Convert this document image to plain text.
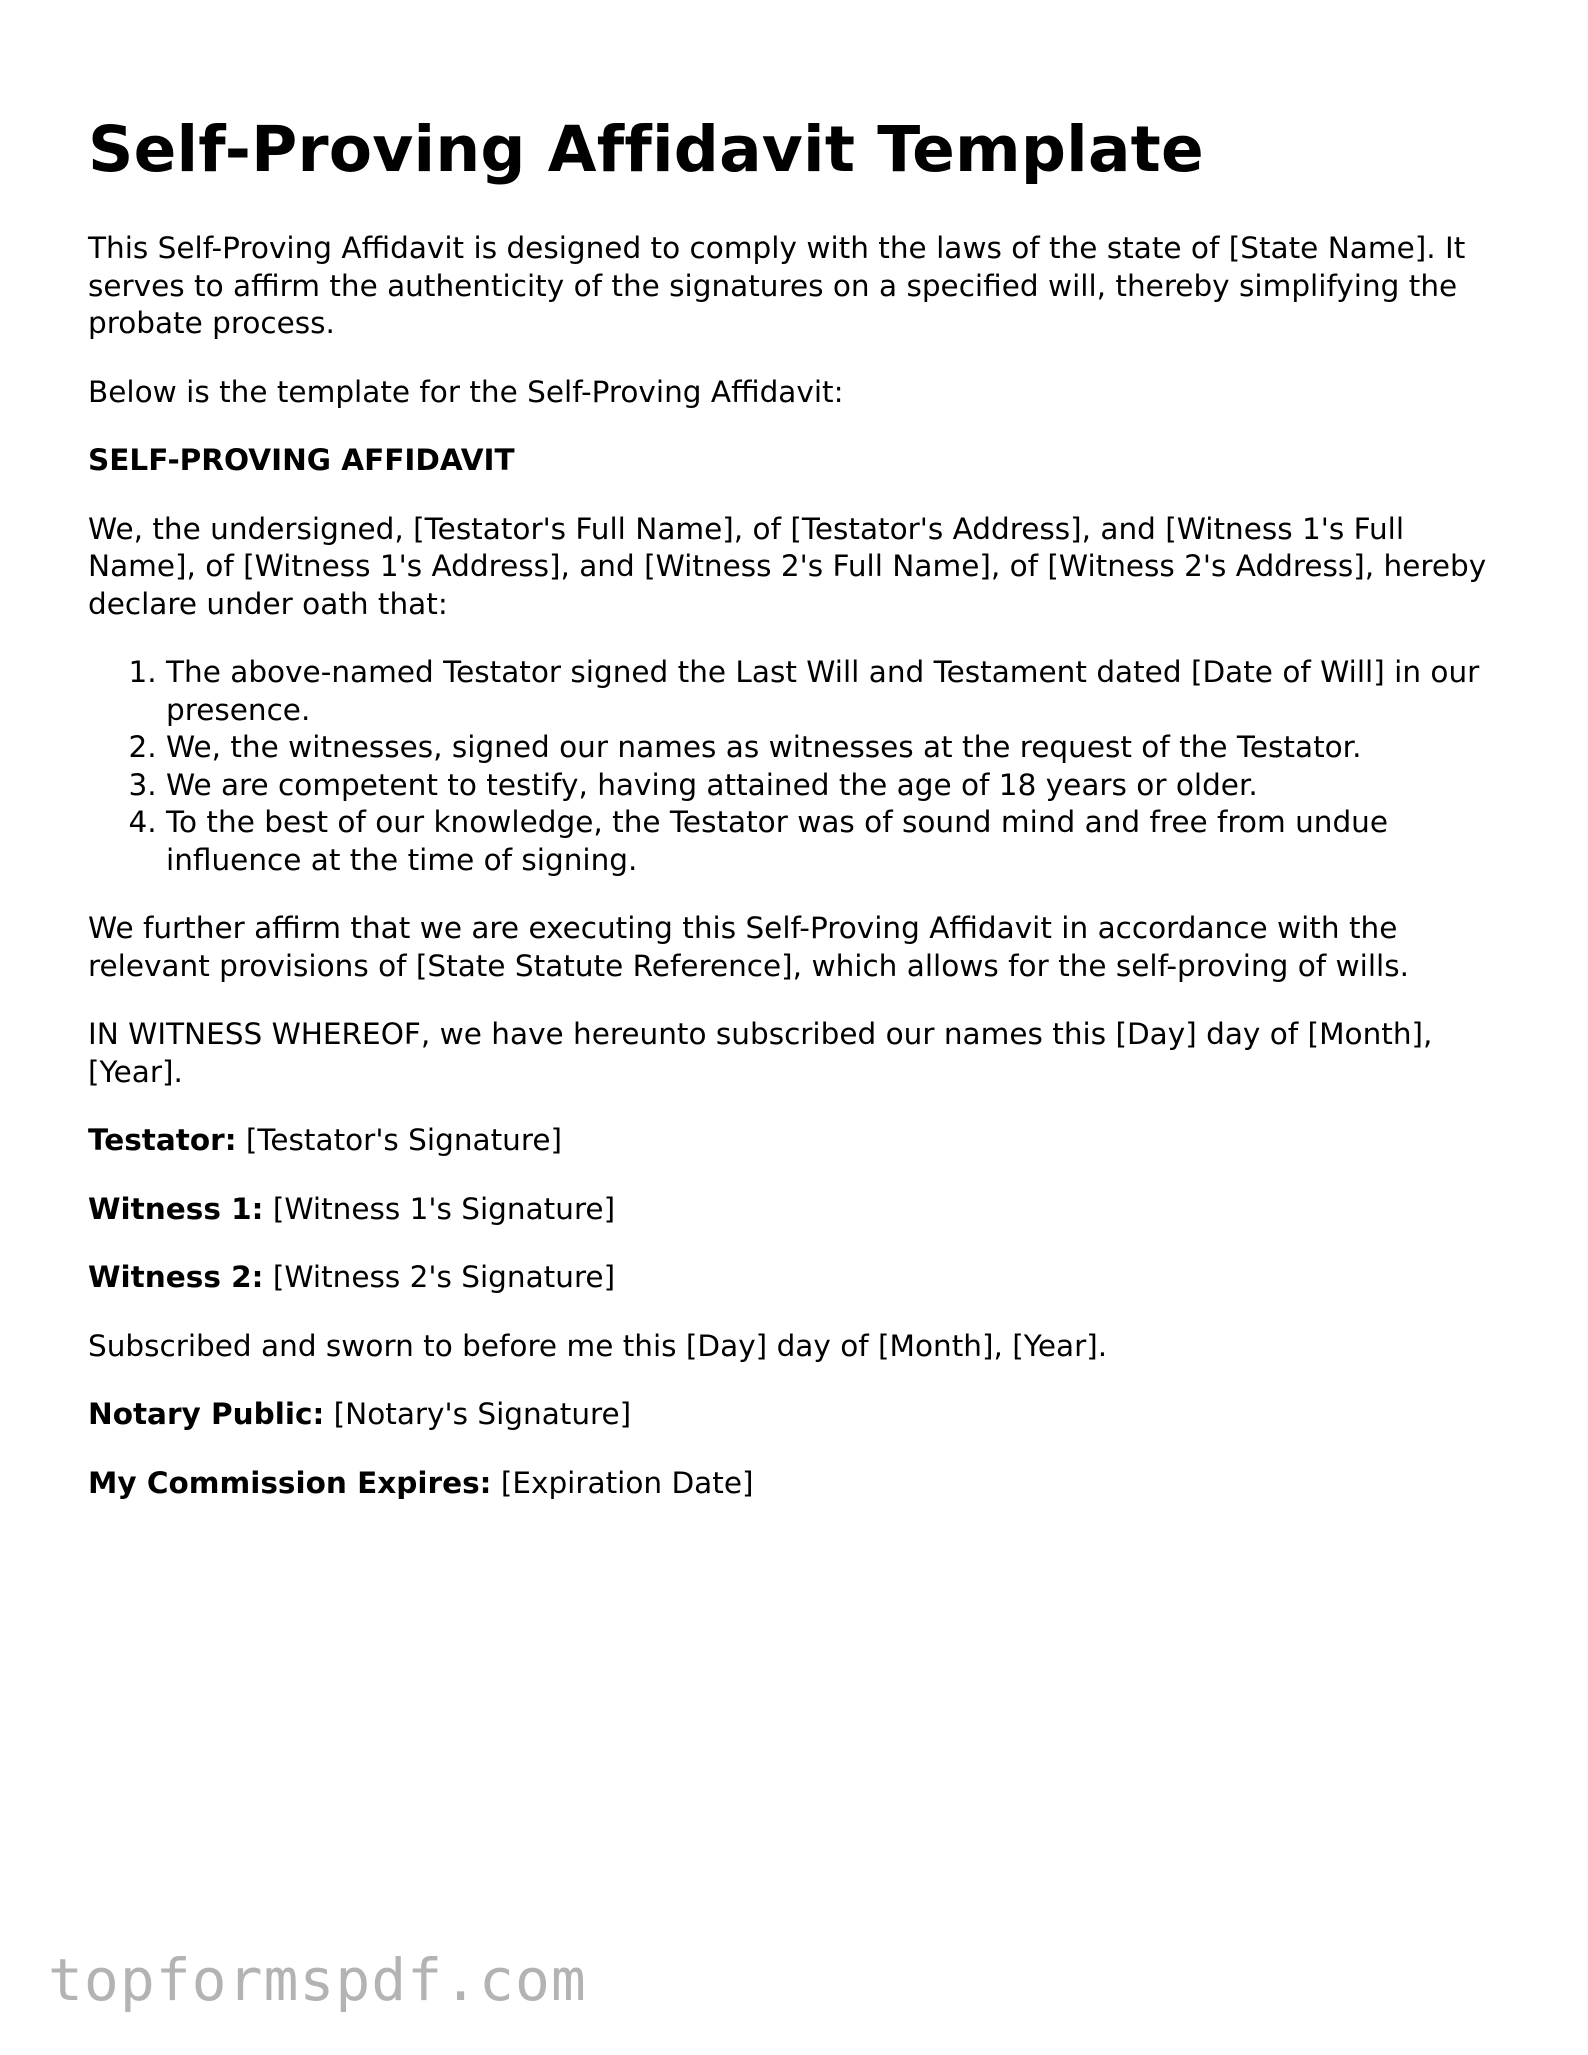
Self-Proving Affidavit Template

This Self-Proving Affidavit is designed to comply with the laws of the state of [State Name]. It serves to affirm the authenticity of the signatures on a specified will, thereby simplifying the probate process.

Below is the template for the Self-Proving Affidavit:

SELF-PROVING AFFIDAVIT

We, the undersigned, [Testator's Full Name], of [Testator's Address], and [Witness 1's Full Name], of [Witness 1's Address], and [Witness 2's Full Name], of [Witness 2's Address], hereby declare under oath that:

1. The above-named Testator signed the Last Will and Testament dated [Date of Will] in our presence.
2. We, the witnesses, signed our names as witnesses at the request of the Testator.
3. We are competent to testify, having attained the age of 18 years or older.
4. To the best of our knowledge, the Testator was of sound mind and free from undue influence at the time of signing.

We further affirm that we are executing this Self-Proving Affidavit in accordance with the relevant provisions of [State Statute Reference], which allows for the self-proving of wills.

IN WITNESS WHEREOF, we have hereunto subscribed our names this [Day] day of [Month], [Year].

Testator: [Testator's Signature]

Witness 1: [Witness 1's Signature]

Witness 2: [Witness 2's Signature]

Subscribed and sworn to before me this [Day] day of [Month], [Year].

Notary Public: [Notary's Signature]

My Commission Expires: [Expiration Date]

topformspdf.com
